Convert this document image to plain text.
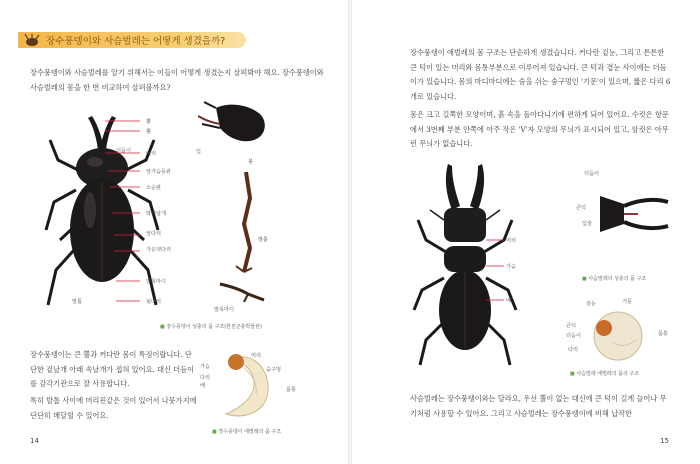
장수풍뎅이와 사슴벌레는 어떻게 생겼을까?
장수풍뎅이와 사슴벌레를 알기 위해서는 이들이 어떻게 생겼는지 살펴봐야 해요. 장수풍뎅이와 사슴벌레의 몸을 한 번 비교하여 살펴볼까요?
뿔
뿔
더듬이	머리
앞가슴등판
소순판
딱지날개
앞다리
가운뎃다리
발목마디
뒷다리
발톱
입
볼
발톱
발목마디
■ 장수풍뎅이 성충의 몸 구조(한천곤충박물관)
장수풍뎅이는 큰 뿔과 커다란 몸이 특징이랍니다. 단단한 겉날개 아래 속날개가 접혀 있어요. 대신 더듬이를 감각기관으로 잘 사용합니다.
특히 발톱 사이에 머리핀같은 것이 있어서 나뭇가지에 단단히 매달릴 수 있어요.
머리
가슴	숨구멍
다리
배
몸통
■ 장수풍뎅이 애벌레의 몸 구조
14
장수풍뎅이 애벌레의 몸 구조는 단순하게 생겼습니다. 커다란 겉눈, 그리고 튼튼한 큰 턱이 있는 머리와 몸통부분으로 이루어져 있습니다. 큰 턱과 겹눈 사이에는 더듬이가 있습니다. 몸의 마디마디에는 숨을 쉬는 숨구멍인 '기문'이 있으며, 짧은 다리 6개로 있습니다.
몸은 크고 길쭉한 모양이며, 흙 속을 돌아다니기에 편하게 되어 있어요. 수컷은 항문에서 3번째 부분 안쪽에 아주 작은 'V'자 모양의 무늬가 표시되어 있고, 암컷은 아무런 무늬가 없습니다.
머리
가슴
배
더듬이
큰턱
입술
■ 사슴벌레의 성충의 몸 구조
기문
겉눈
큰턱
더듬이
다리
몸통
■ 사슴벌레 애벌레의 몸의 구조
사슴벌레는 장수풍뎅이와는 달라요, 우선 뿔이 없는 대신에 큰 턱이 길게 늘어나 무기처럼 사용할 수 있어요. 그리고 사슴벌레는 장수풍뎅이에 비해 납작한
15
